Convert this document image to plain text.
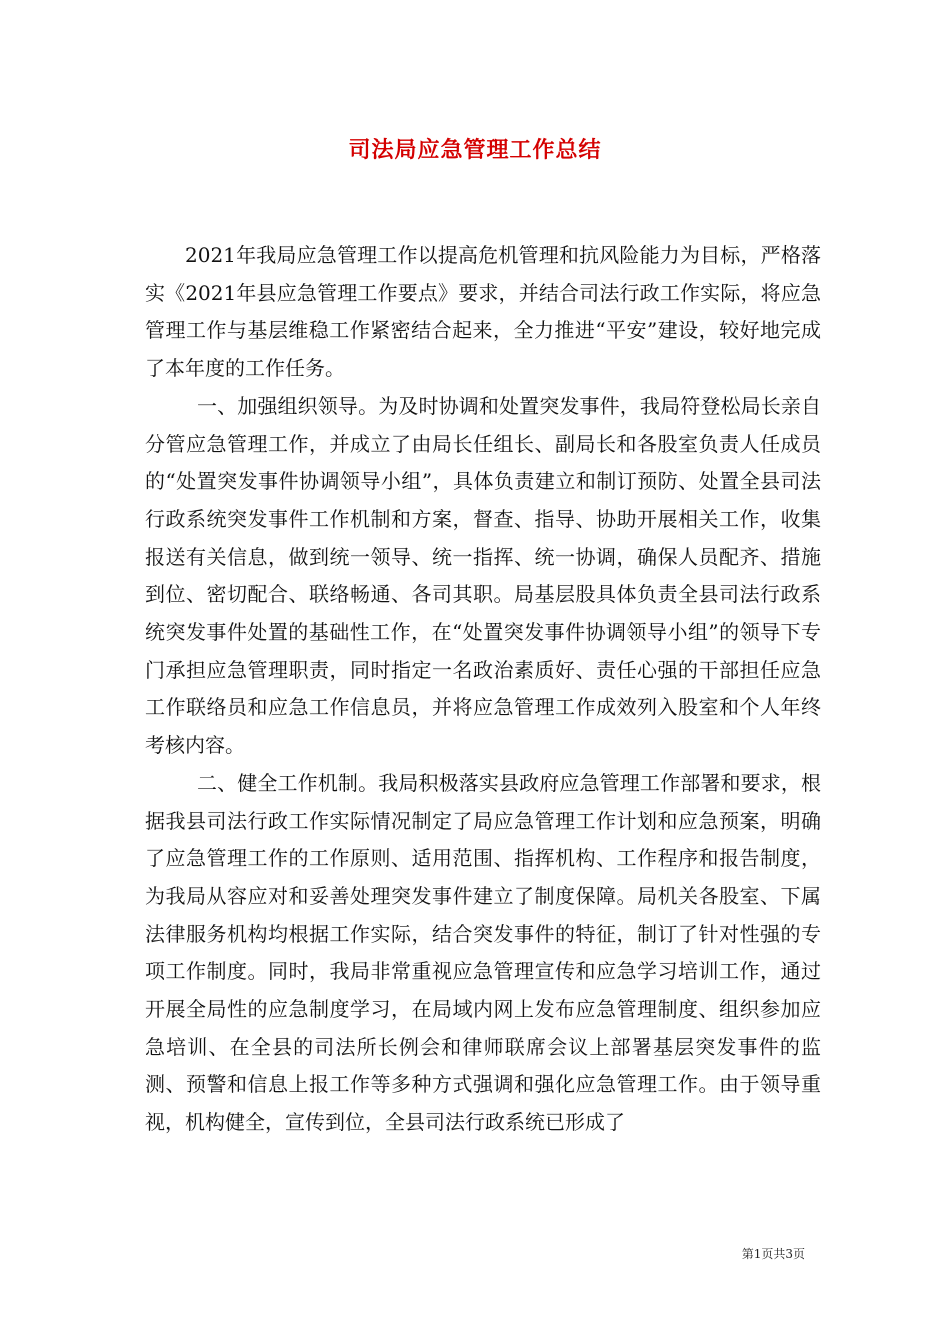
司法局应急管理工作总结

2021年我局应急管理工作以提高危机管理和抗风险能力为目标，严格落实《2021年县应急管理工作要点》要求，并结合司法行政工作实际，将应急管理工作与基层维稳工作紧密结合起来，全力推进“平安”建设，较好地完成了本年度的工作任务。

一、加强组织领导。为及时协调和处置突发事件，我局符登松局长亲自分管应急管理工作，并成立了由局长任组长、副局长和各股室负责人任成员的“处置突发事件协调领导小组”，具体负责建立和制订预防、处置全县司法行政系统突发事件工作机制和方案，督查、指导、协助开展相关工作，收集报送有关信息，做到统一领导、统一指挥、统一协调，确保人员配齐、措施到位、密切配合、联络畅通、各司其职。局基层股具体负责全县司法行政系统突发事件处置的基础性工作，在“处置突发事件协调领导小组”的领导下专门承担应急管理职责，同时指定一名政治素质好、责任心强的干部担任应急工作联络员和应急工作信息员，并将应急管理工作成效列入股室和个人年终考核内容。

二、健全工作机制。我局积极落实县政府应急管理工作部署和要求，根据我县司法行政工作实际情况制定了局应急管理工作计划和应急预案，明确了应急管理工作的工作原则、适用范围、指挥机构、工作程序和报告制度，为我局从容应对和妥善处理突发事件建立了制度保障。局机关各股室、下属法律服务机构均根据工作实际，结合突发事件的特征，制订了针对性强的专项工作制度。同时，我局非常重视应急管理宣传和应急学习培训工作，通过开展全局性的应急制度学习，在局域内网上发布应急管理制度、组织参加应急培训、在全县的司法所长例会和律师联席会议上部署基层突发事件的监测、预警和信息上报工作等多种方式强调和强化应急管理工作。由于领导重视，机构健全，宣传到位，全县司法行政系统已形成了

第1页共3页
